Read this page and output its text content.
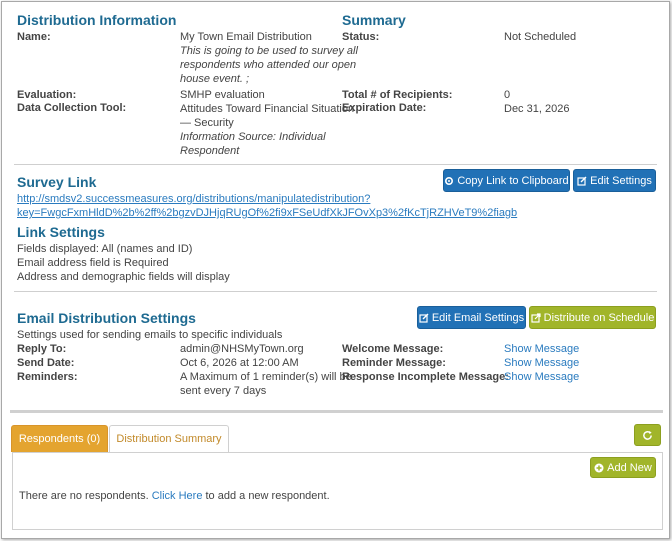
Distribution Information
Name:	My Town Email Distribution
This is going to be used to survey all
respondents who attended our open
house event. ;
Evaluation:	SMHP evaluation
Data Collection Tool:	Attitudes Toward Financial Situation
— Security
Information Source: Individual
Respondent
Summary
Status:	Not Scheduled
Total # of Recipients:	0
Expiration Date:	Dec 31, 2026
Survey Link	Copy Link to Clipboard Edit Settings
http://smdsv2.successmeasures.org/distributions/manipulatedistribution?
key=FwgcFxmHldD%2b%2ff%2bgzvDJHjqRUgOf%2fi9xFSeUdfXkJFOvXp3%2fKcTjRZHVeT9%2fiagb
Link Settings
Fields displayed: All (names and ID)
Email address field is Required
Address and demographic fields will display
Email Distribution Settings	Edit Email Settings Distribute on Schedule
Settings used for sending emails to specific individuals
Reply To:	admin@NHSMyTown.org
Send Date:	Oct 6, 2026 at 12:00 AM
Reminders:	A Maximum of 1 reminder(s) will be
sent every 7 days
Welcome Message:	Show Message
Reminder Message:	Show Message
Response Incomplete Message:
Show Message
Respondents (0)	Distribution Summary
Add New
There are no respondents. Click Here to add a new respondent.
